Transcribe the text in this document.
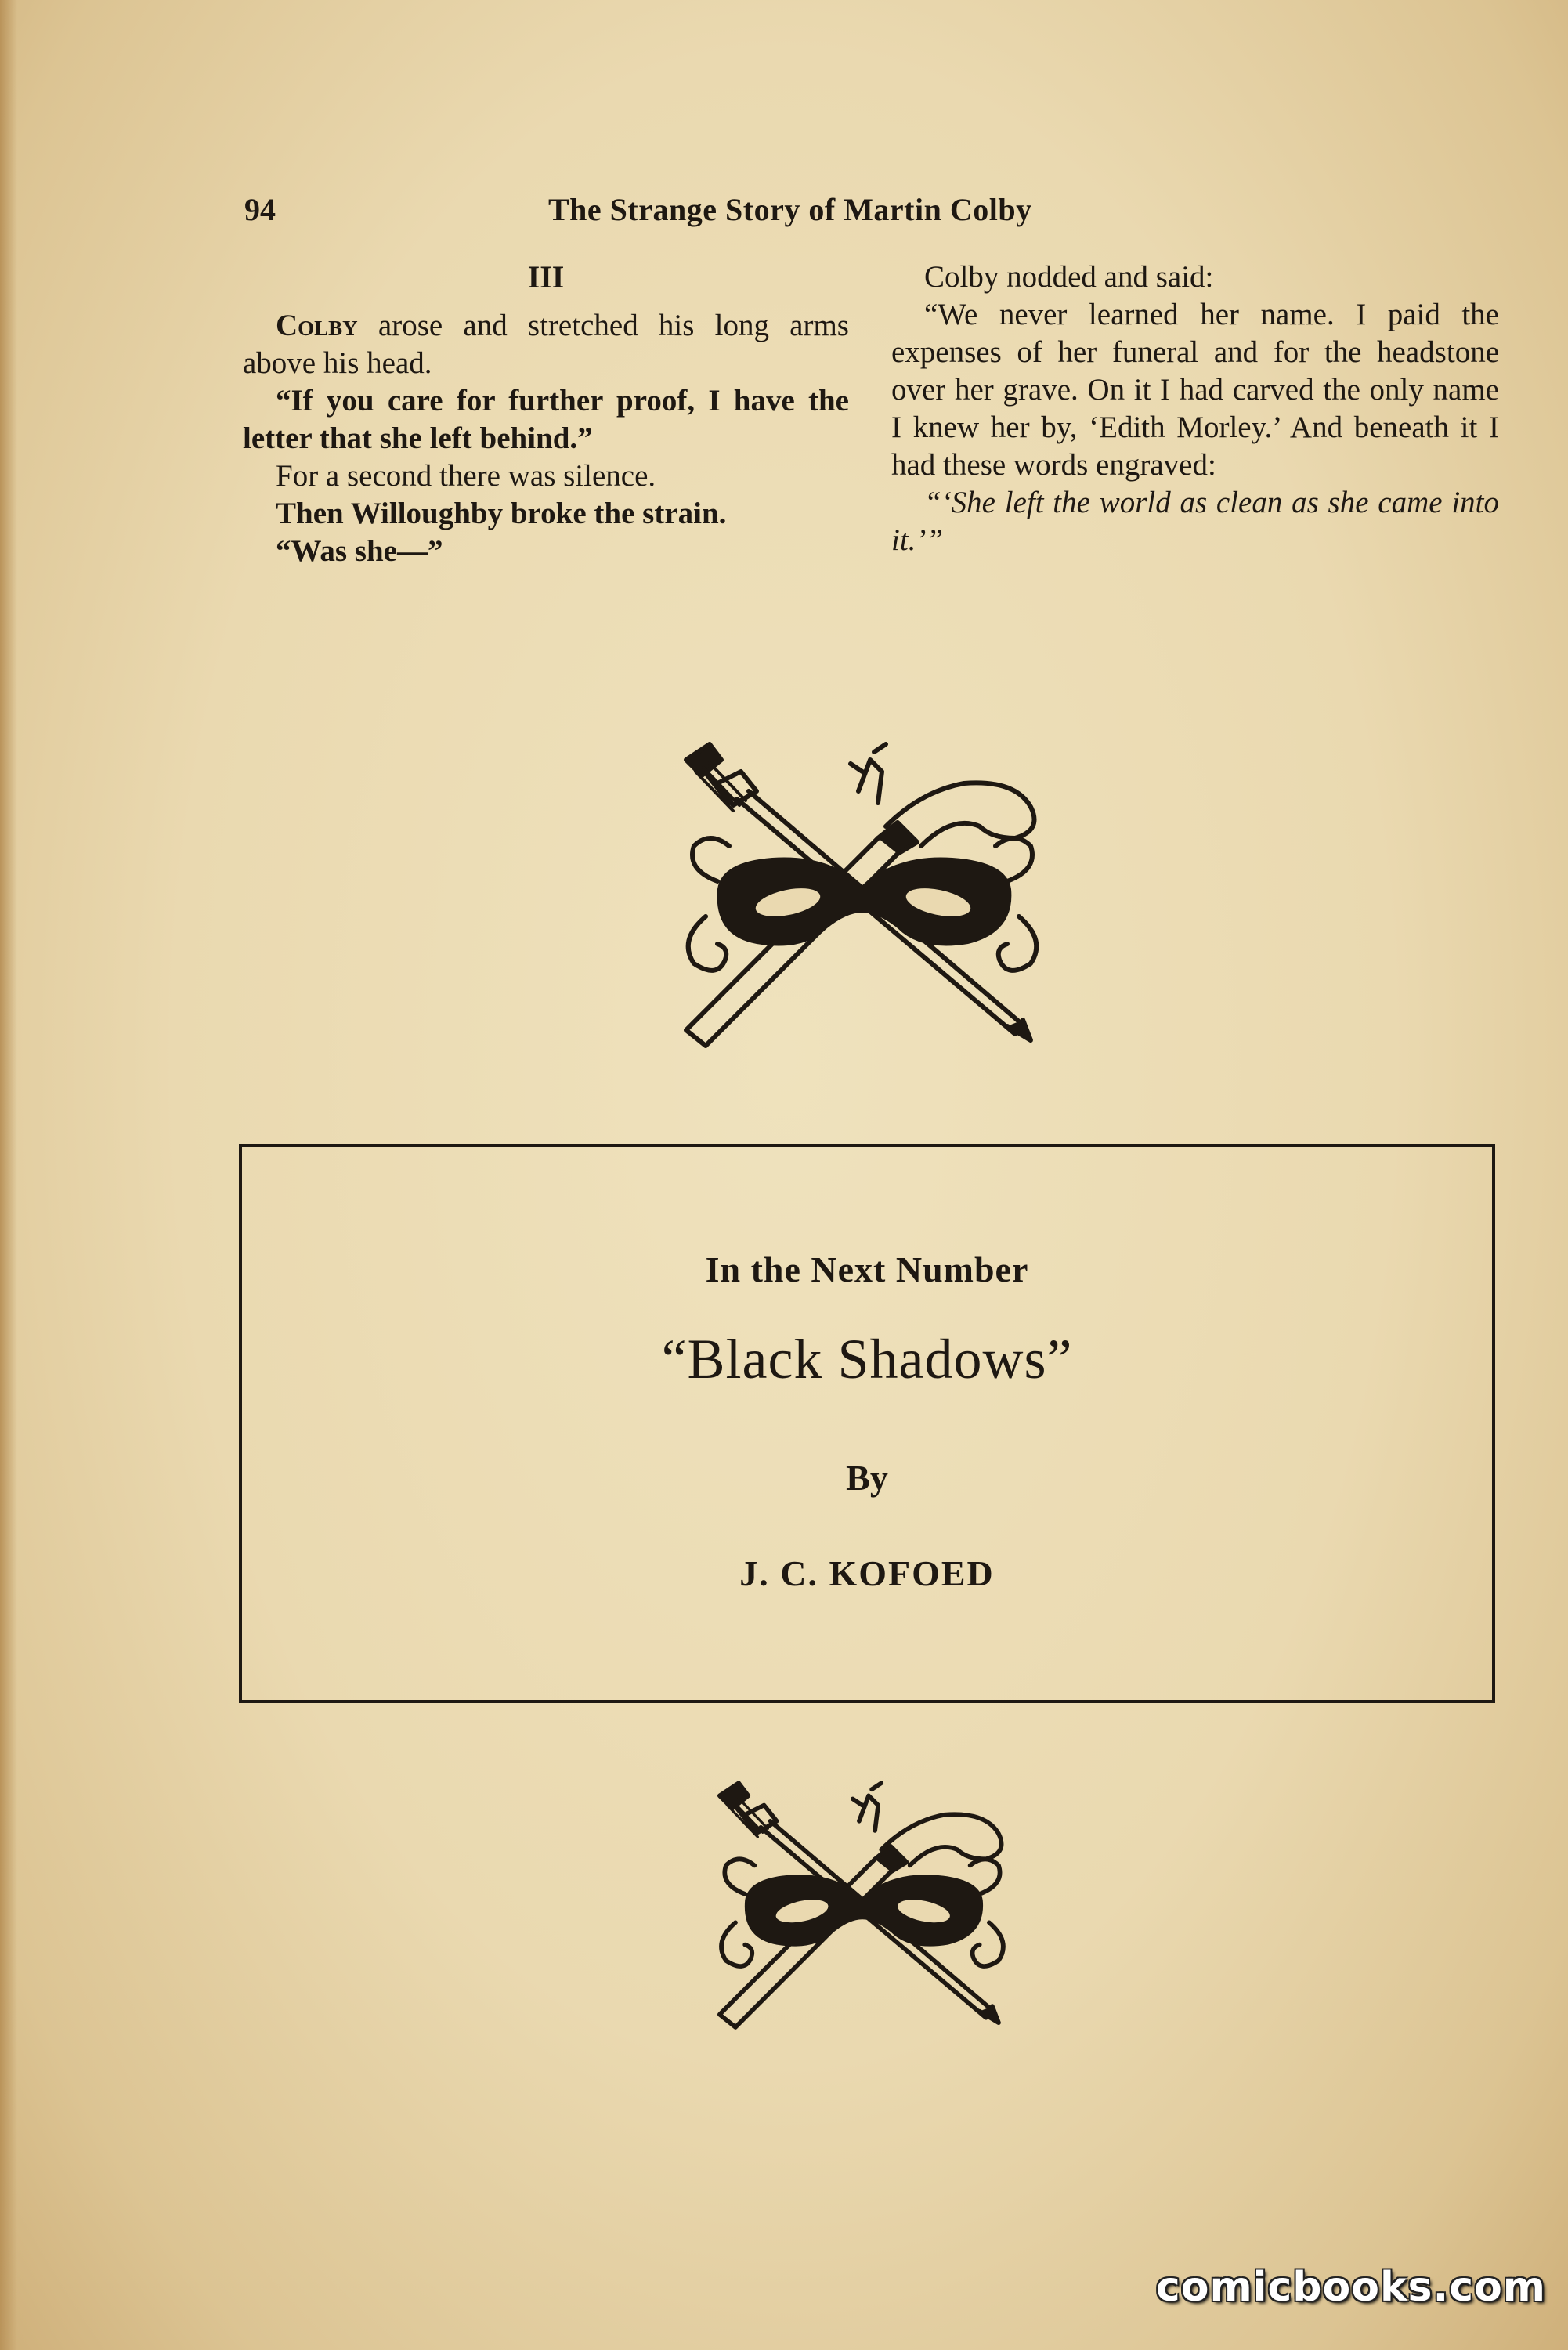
94	The Strange Story of Martin Colby
III

Colby arose and stretched his long arms above his head.

“If you care for further proof, I have the letter that she left behind.”

For a second there was silence.

Then Willoughby broke the strain.

“Was she—”

Colby nodded and said:

“We never learned her name. I paid the expenses of her funeral and for the headstone over her grave. On it I had carved the only name I knew her by, ‘Edith Morley.’ And beneath it I had these words engraved:

“‘She left the world as clean as she came into it.’”

In the Next Number
“Black Shadows”
By
J. C. KOFOED
comicbooks.com
